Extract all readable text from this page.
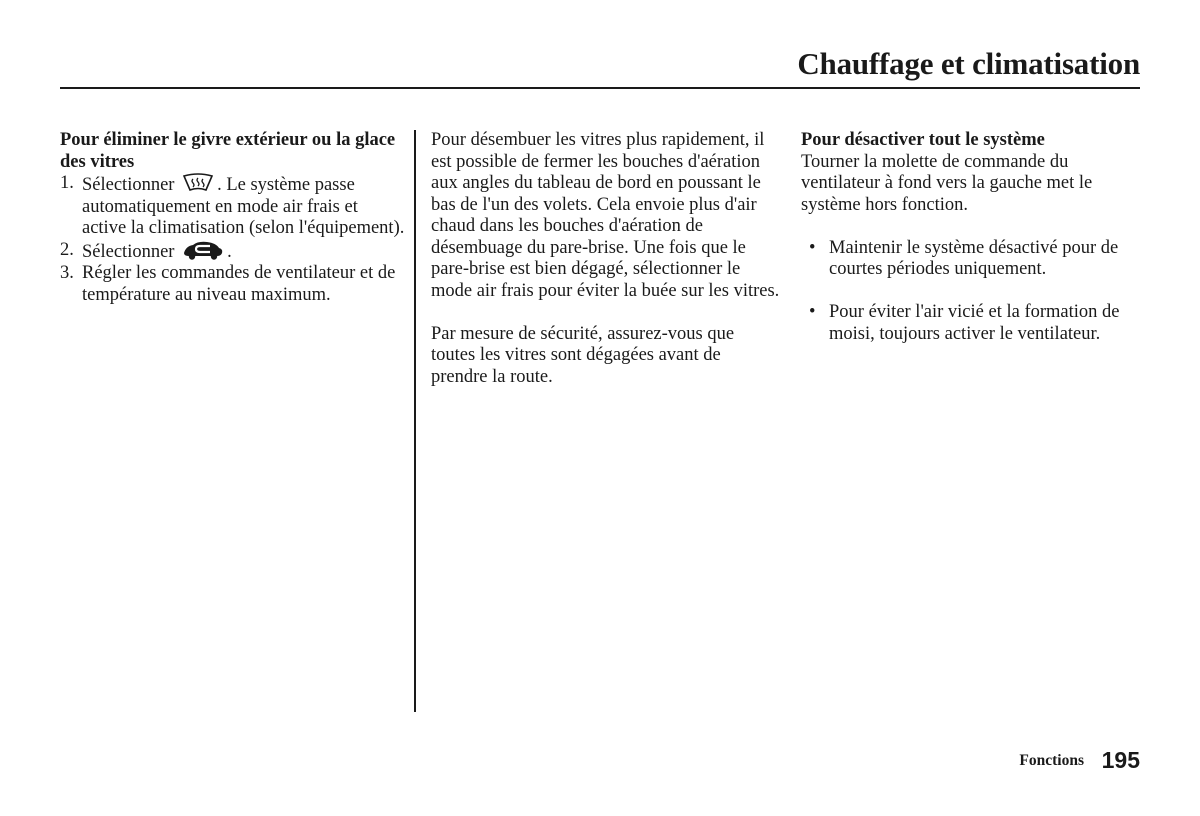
Chauffage et climatisation
Pour éliminer le givre extérieur ou la glace des vitres
1. Sélectionner . Le système passe automatiquement en mode air frais et active la climatisation (selon l'équipement).
2. Sélectionner	.
3. Régler les commandes de ventilateur et de température au niveau maximum.

Pour désembuer les vitres plus rapidement, il est possible de fermer les bouches d'aération aux angles du tableau de bord en poussant le bas de l'un des volets. Cela envoie plus d'air chaud dans les bouches d'aération de désembuage du pare-brise. Une fois que le pare-brise est bien dégagé, sélectionner le mode air frais pour éviter la buée sur les vitres.

Par mesure de sécurité, assurez-vous que toutes les vitres sont dégagées avant de prendre la route.

Pour désactiver tout le système

Tourner la molette de commande du ventilateur à fond vers la gauche met le système hors fonction.

• Maintenir le système désactivé pour de courtes périodes uniquement.
• Pour éviter l'air vicié et la formation de moisi, toujours activer le ventilateur.
Fonctions 195
